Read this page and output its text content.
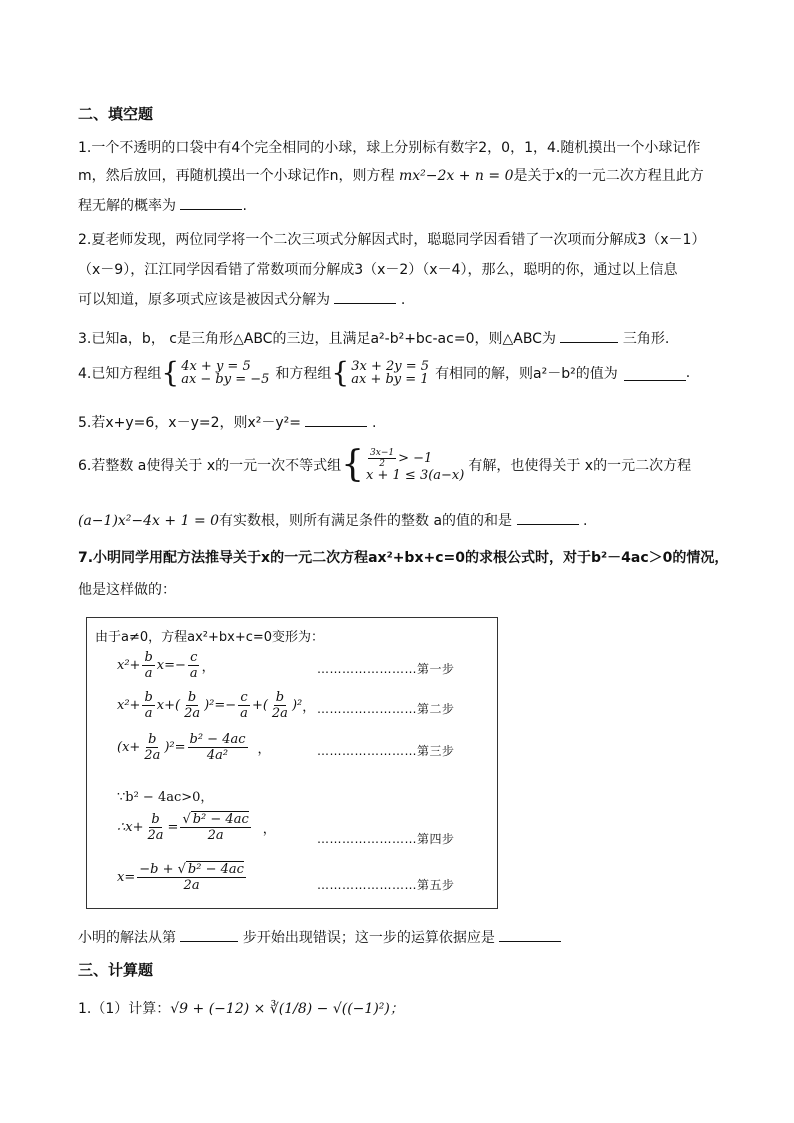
二、填空题
1.一个不透明的口袋中有4个完全相同的小球，球上分别标有数字2，0，1，4.随机摸出一个小球记作
m，然后放回，再随机摸出一个小球记作n，则方程 mx²−2x + n = 0是关于x的一元二次方程且此方
程无解的概率为	.
2.夏老师发现，两位同学将一个二次三项式分解因式时，聪聪同学因看错了一次项而分解成3（x－1）
（x－9），江江同学因看错了常数项而分解成3（x－2）（x－4），那么，聪明的你，通过以上信息
可以知道，原多项式应该是被因式分解为	.
3.已知a，b， c是三角形△ABC的三边，且满足a²-b²+bc-ac=0，则△ABC为	三角形.
4.已知方程组 { 4x + y = 5
ax − by = −5 和方程组 { 3x + 2y = 5
ax + by = 1 有相同的解，则a²－b²的值为	.
5.若x+y=6，x－y=2，则x²－y²=	.
6.若整数 a使得关于 x的一元一次不等式组 { $\frac{3x-1}{2} > -1$
x + 1 ≤ 3(a−x)
有解，也使得关于 x的一元二次方程
(a−1)x²−4x + 1 = 0有实数根，则所有满足条件的整数 a的值的和是	.
7.小明同学用配方法推导关于x的一元二次方程ax²+bx+c=0的求根公式时，对于b²－4ac＞0的情况，
他是这样做的：
由于a≠0，方程ax²+bx+c=0变形为：
$x^2+ \frac{b}{a} x=- \frac{c}{a}$ ，	……………………第一步
$x^2+ \frac{b}{a} x+( \frac{b}{2a} )^2=- \frac{c}{a}$ +( $\frac{b}{2a} )^2$ ， ……………………第二步
$(x+ \frac{b}{2a} )^2= \frac{\text{b² − 4ac}}{\text{4a²}}$ ，	……………………第三步
∵b² − 4ac>0，
∴x+ $\frac{b}{2a} = \frac{\text{√ b² − 4ac}}{2a}$ ，
……………………第四步
$x= \frac{\text{−b + √ b² − 4ac}}{2a}$	……………………第五步
小明的解法从第	步开始出现错误；这一步的运算依据应是
三、计算题
1.（1）计算：√9 + (−12) × ∛(1/8) − √((−1)²)；
